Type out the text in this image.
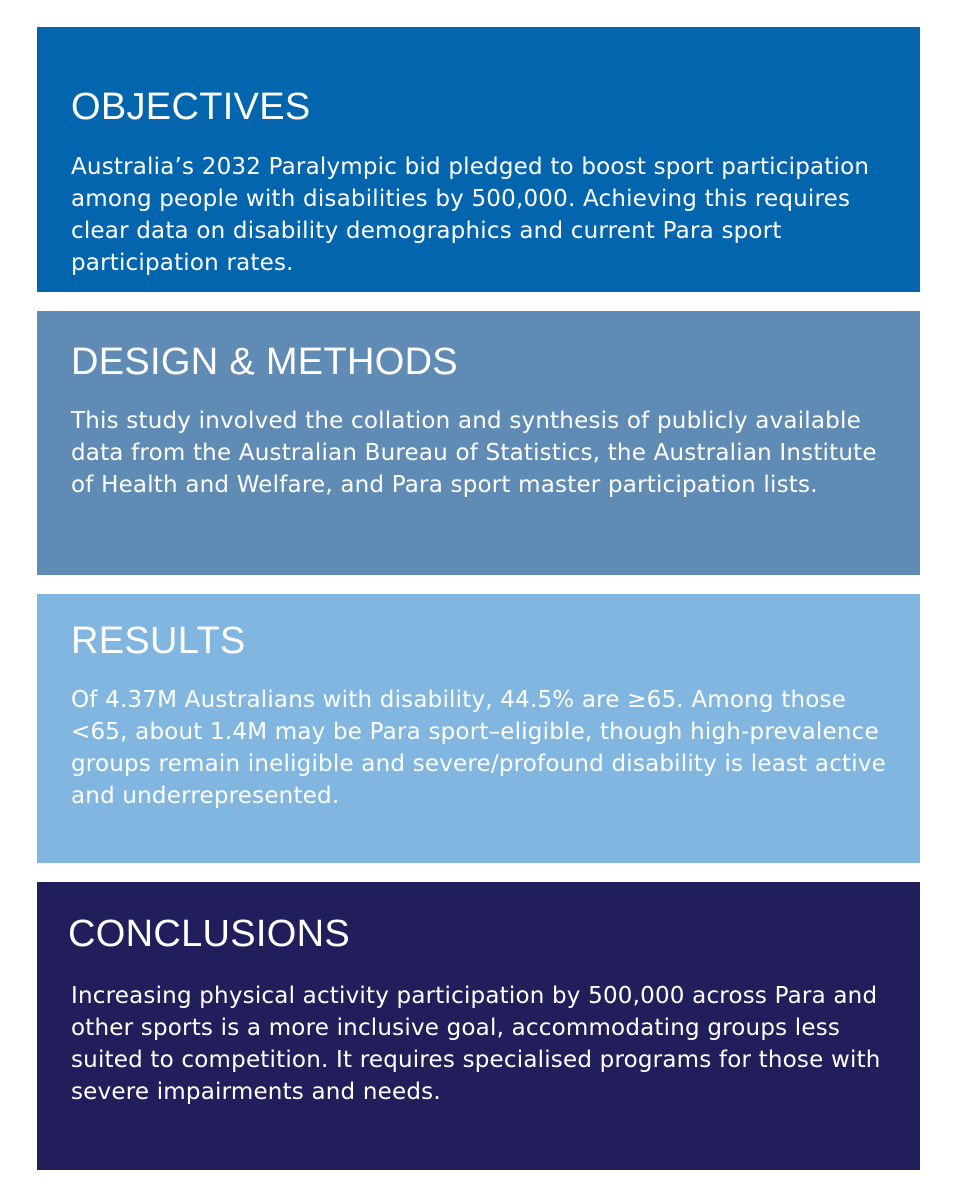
OBJECTIVES

Australia’s 2032 Paralympic bid pledged to boost sport participation among people with disabilities by 500,000. Achieving this requires clear data on disability demographics and current Para sport participation rates.

DESIGN & METHODS

This study involved the collation and synthesis of publicly available data from the Australian Bureau of Statistics, the Australian Institute of Health and Welfare, and Para sport master participation lists.

RESULTS

Of 4.37M Australians with disability, 44.5% are ≥65. Among those <65, about 1.4M may be Para sport–eligible, though high-prevalence groups remain ineligible and severe/profound disability is least active and underrepresented.

CONCLUSIONS

Increasing physical activity participation by 500,000 across Para and other sports is a more inclusive goal, accommodating groups less suited to competition. It requires specialised programs for those with severe impairments and needs.
